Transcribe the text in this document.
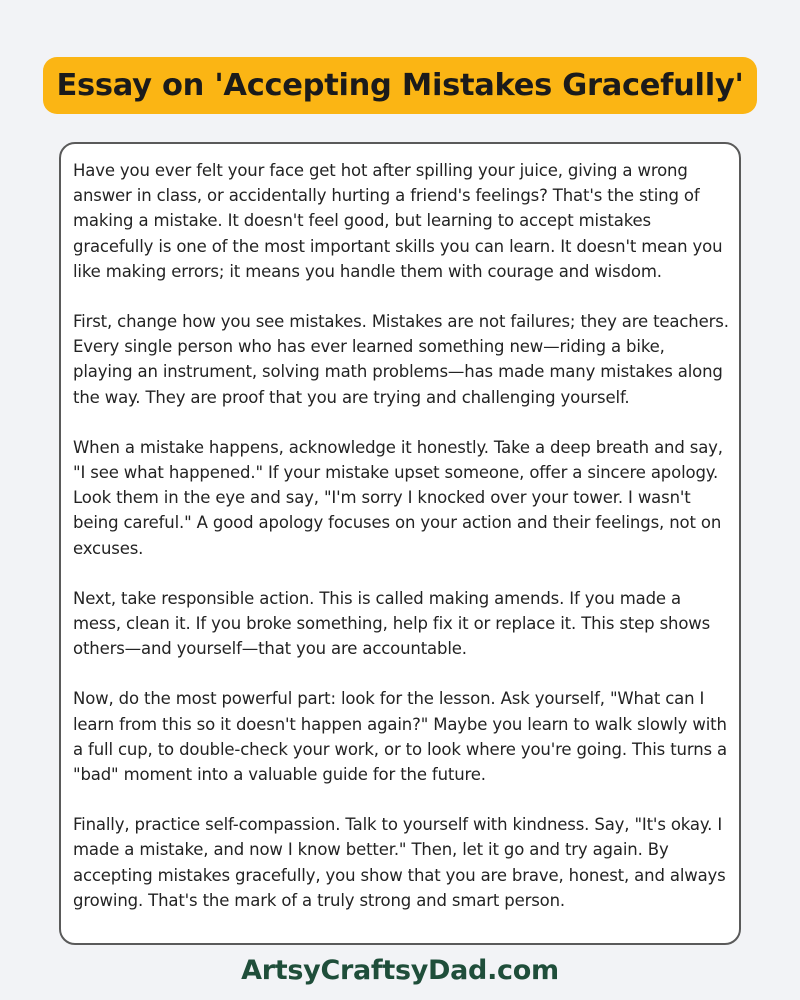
Essay on 'Accepting Mistakes Gracefully'

Have you ever felt your face get hot after spilling your juice, giving a wrong answer in class, or accidentally hurting a friend's feelings? That's the sting of making a mistake. It doesn't feel good, but learning to accept mistakes gracefully is one of the most important skills you can learn. It doesn't mean you like making errors; it means you handle them with courage and wisdom.

First, change how you see mistakes. Mistakes are not failures; they are teachers. Every single person who has ever learned something new—riding a bike, playing an instrument, solving math problems—has made many mistakes along the way. They are proof that you are trying and challenging yourself.

When a mistake happens, acknowledge it honestly. Take a deep breath and say, "I see what happened." If your mistake upset someone, offer a sincere apology. Look them in the eye and say, "I'm sorry I knocked over your tower. I wasn't being careful." A good apology focuses on your action and their feelings, not on excuses.

Next, take responsible action. This is called making amends. If you made a mess, clean it. If you broke something, help fix it or replace it. This step shows others—and yourself—that you are accountable.

Now, do the most powerful part: look for the lesson. Ask yourself, "What can I learn from this so it doesn't happen again?" Maybe you learn to walk slowly with a full cup, to double-check your work, or to look where you're going. This turns a "bad" moment into a valuable guide for the future.

Finally, practice self-compassion. Talk to yourself with kindness. Say, "It's okay. I made a mistake, and now I know better." Then, let it go and try again. By accepting mistakes gracefully, you show that you are brave, honest, and always growing. That's the mark of a truly strong and smart person.

ArtsyCraftsyDad.com
